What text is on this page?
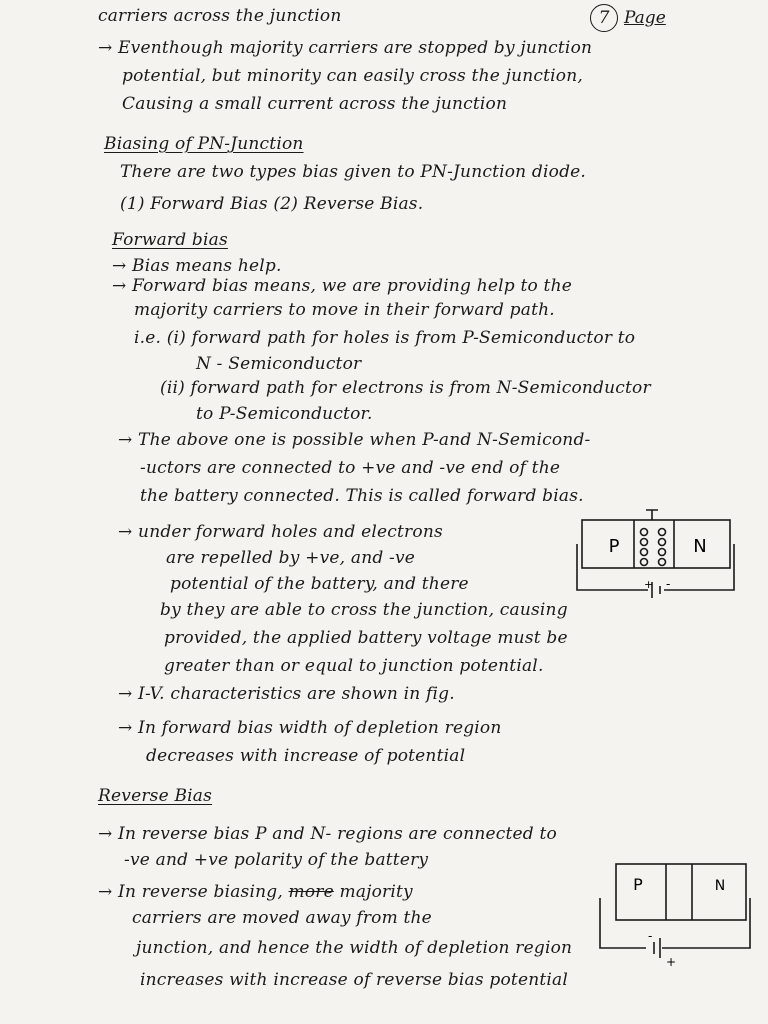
7 Page
carriers across the junction
→ Eventhough majority carriers are stopped by junction
potential, but minority can easily cross the junction,
Causing a small current across the junction
Biasing of PN-Junction
There are two types bias given to PN-Junction diode.
(1) Forward Bias (2) Reverse Bias.
Forward bias
→ Bias means help.
→ Forward bias means, we are providing help to the
majority carriers to move in their forward path.
i.e. (i) forward path for holes is from P-Semiconductor to
N - Semiconductor
(ii) forward path for electrons is from N-Semiconductor
to P-Semiconductor.
→ The above one is possible when P-and N-Semicond-
-uctors are connected to +ve and -ve end of the
the battery connected. This is called forward bias.
→ under forward holes and electrons
are repelled by +ve, and -ve
potential of the battery, and there
by they are able to cross the junction, causing
provided, the applied battery voltage must be
greater than or equal to junction potential.
→ I-V. characteristics are shown in fig.
→ In forward bias width of depletion region
decreases with increase of potential
Reverse Bias
→ In reverse bias P and N- regions are connected to
-ve and +ve polarity of the battery
→ In reverse biasing, more majority
carriers are moved away from the
junction, and hence the width of depletion region
increases with increase of reverse bias potential
P	N
+ -
P	N
-
+
